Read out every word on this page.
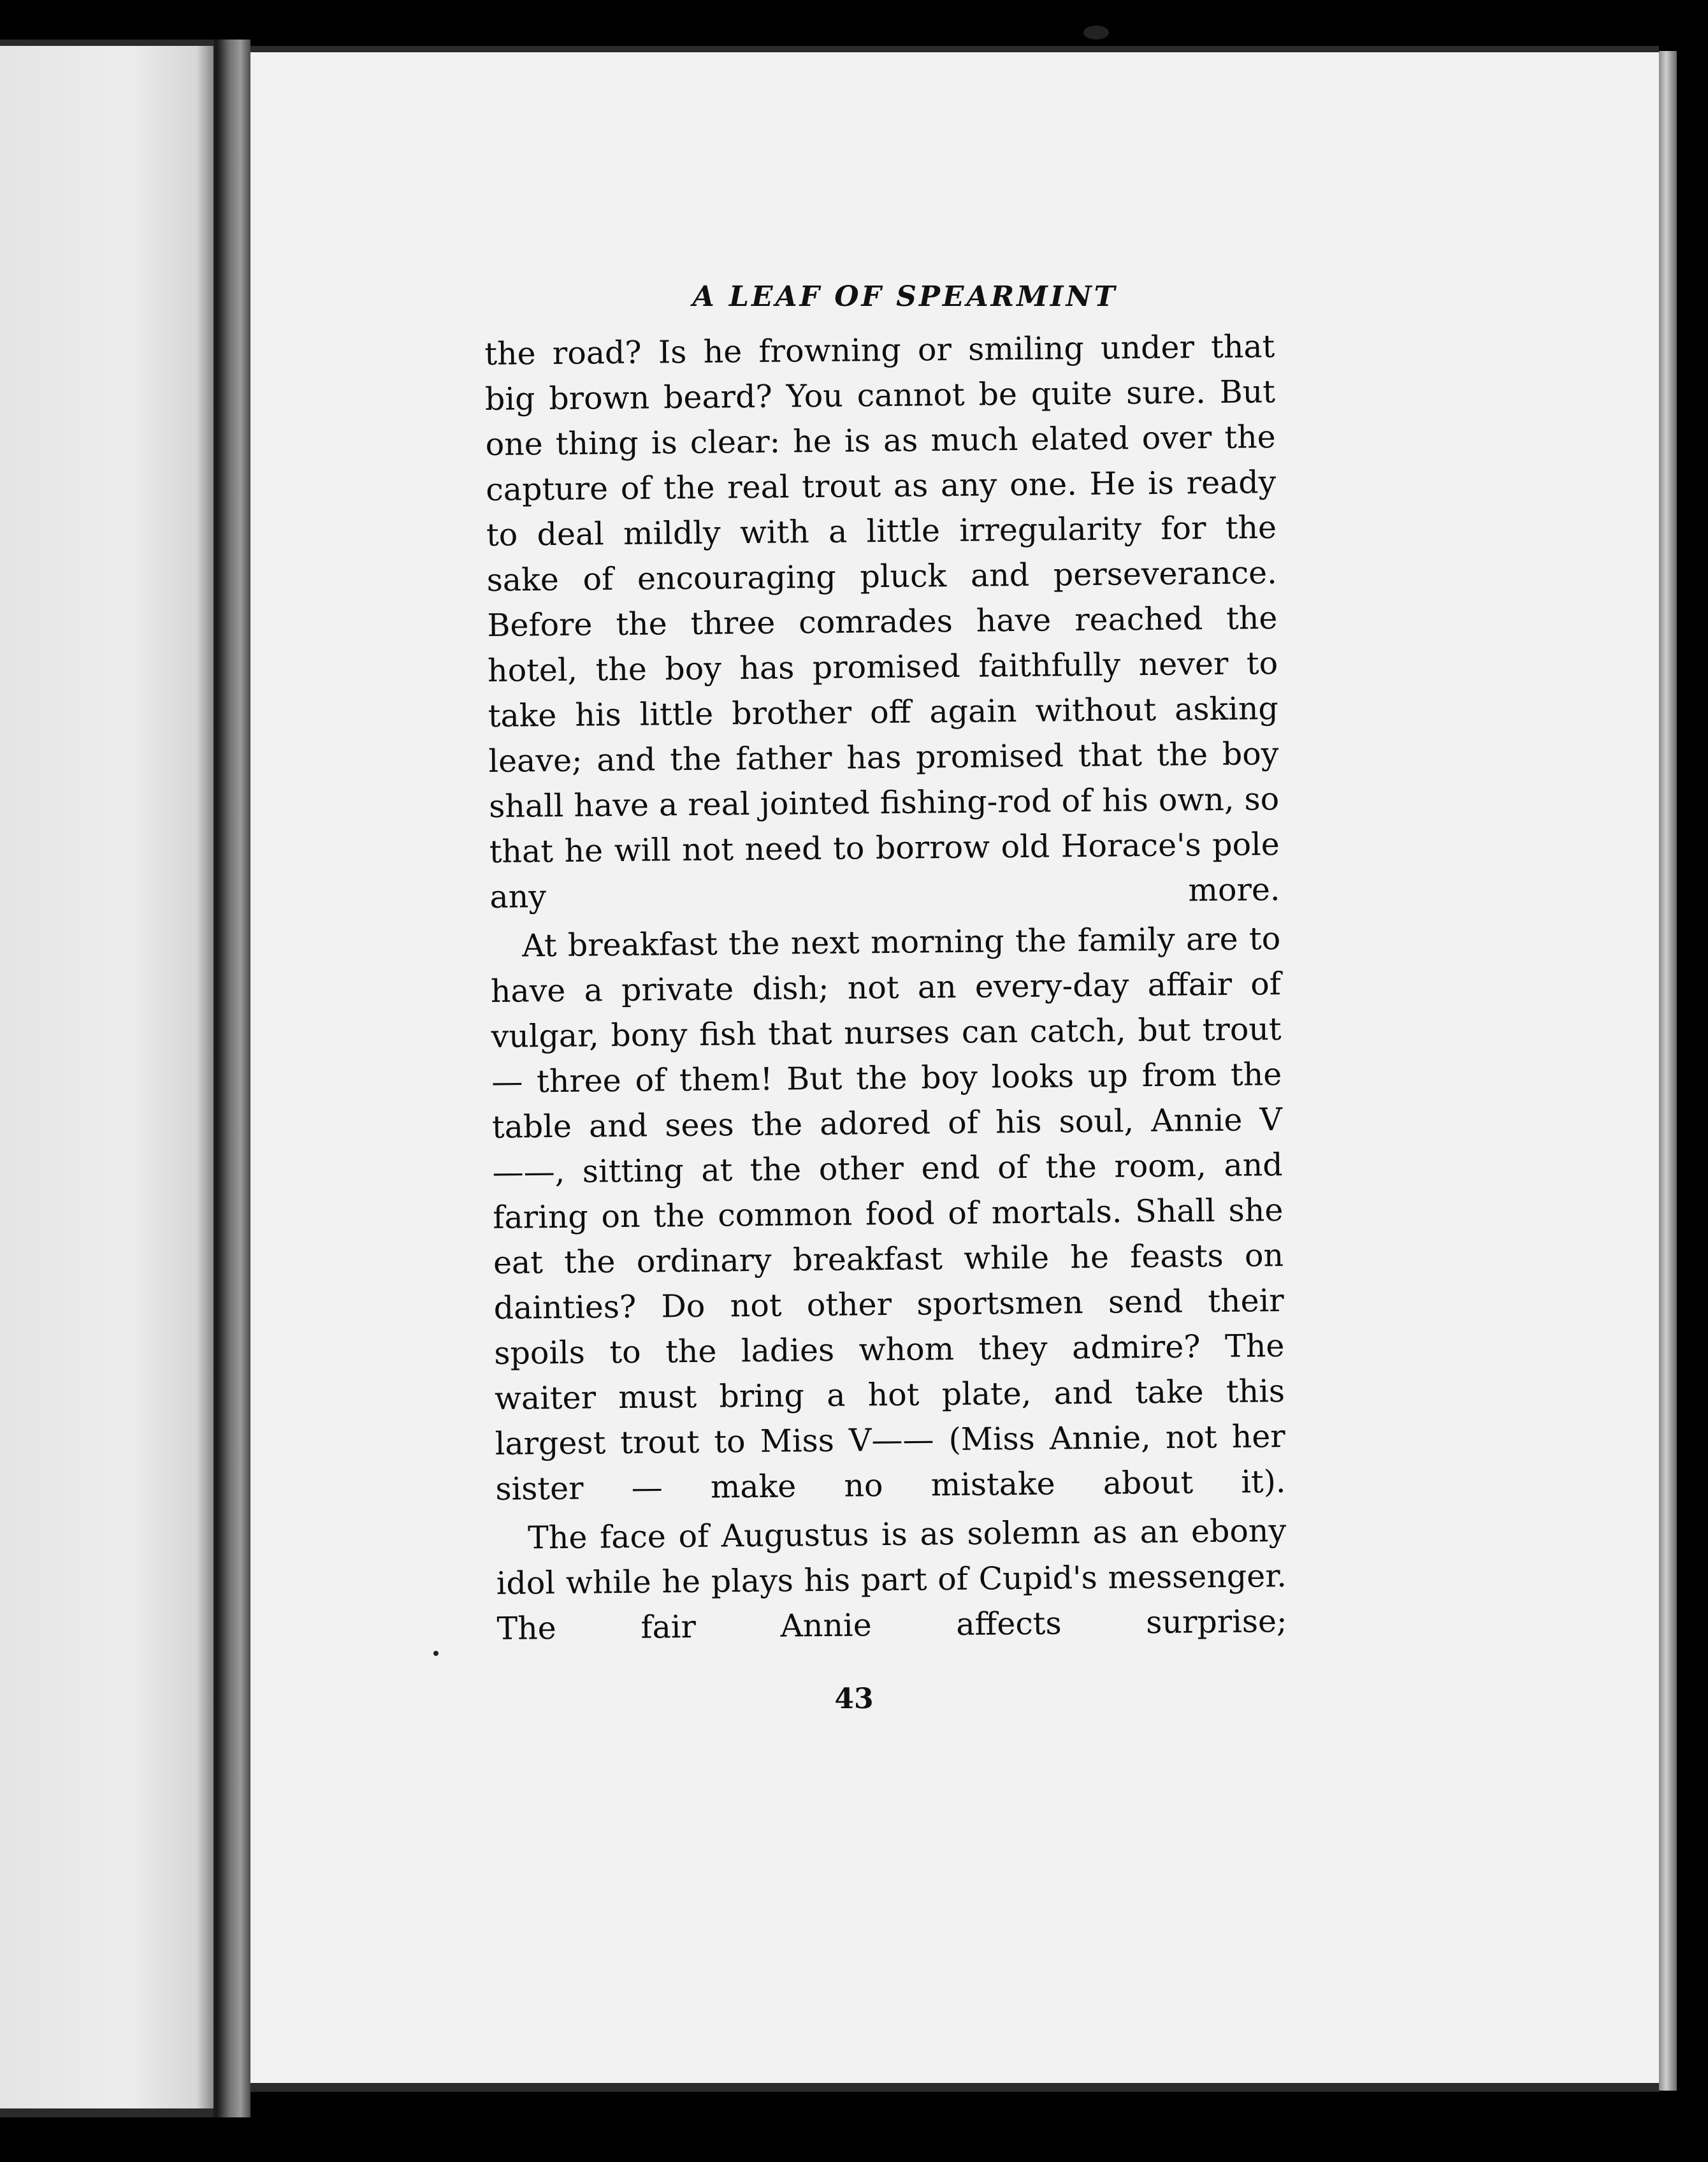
A LEAF OF SPEARMINT

the road? Is he frowning or smiling under that big brown beard? You cannot be quite sure. But one thing is clear: he is as much elated over the capture of the real trout as any one. He is ready to deal mildly with a little irregularity for the sake of encouraging pluck and perseverance. Before the three comrades have reached the hotel, the boy has promised faithfully never to take his little brother off again without asking leave; and the father has promised that the boy shall have a real jointed fishing-rod of his own, so that he will not need to borrow old Horace's pole any more.

At breakfast the next morning the family are to have a private dish; not an every-day affair of vulgar, bony fish that nurses can catch, but trout — three of them! But the boy looks up from the table and sees the adored of his soul, Annie V——, sitting at the other end of the room, and faring on the common food of mortals. Shall she eat the ordinary breakfast while he feasts on dainties? Do not other sportsmen send their spoils to the ladies whom they admire? The waiter must bring a hot plate, and take this largest trout to Miss V—— (Miss Annie, not her sister — make no mistake about it).

The face of Augustus is as solemn as an ebony idol while he plays his part of Cupid's messenger. The fair Annie affects surprise;

43
